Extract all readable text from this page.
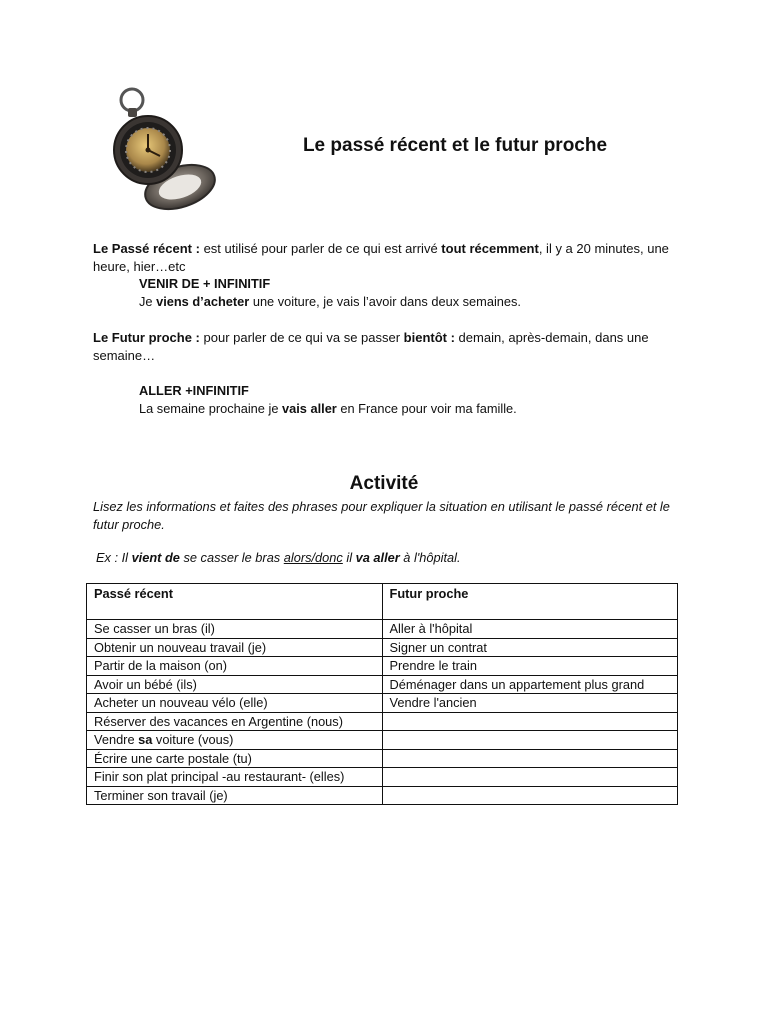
Le passé récent et le futur proche

Le Passé récent : est utilisé pour parler de ce qui est arrivé tout récemment, il y a 20 minutes, une heure, hier…etc

VENIR DE + INFINITIF

Je viens d’acheter une voiture, je vais l’avoir dans deux semaines.

Le Futur proche : pour parler de ce qui va se passer bientôt : demain, après-demain, dans une semaine…

ALLER +INFINITIF

La semaine prochaine je vais aller en France pour voir ma famille.

Activité

Lisez les informations et faites des phrases pour expliquer la situation en utilisant le passé récent et le futur proche.

Ex : Il vient de se casser le bras alors/donc il va aller à l'hôpital.

Passé récent	Futur proche
Se casser un bras (il)	Aller à l'hôpital
Obtenir un nouveau travail (je)	Signer un contrat
Partir de la maison (on)	Prendre le train
Avoir un bébé (ils)	Déménager dans un appartement plus grand
Acheter un nouveau vélo (elle)	Vendre l'ancien
Réserver des vacances en Argentine (nous)	
Vendre sa voiture (vous)	
Écrire une carte postale (tu)	
Finir son plat principal -au restaurant- (elles)	
Terminer son travail (je)	
